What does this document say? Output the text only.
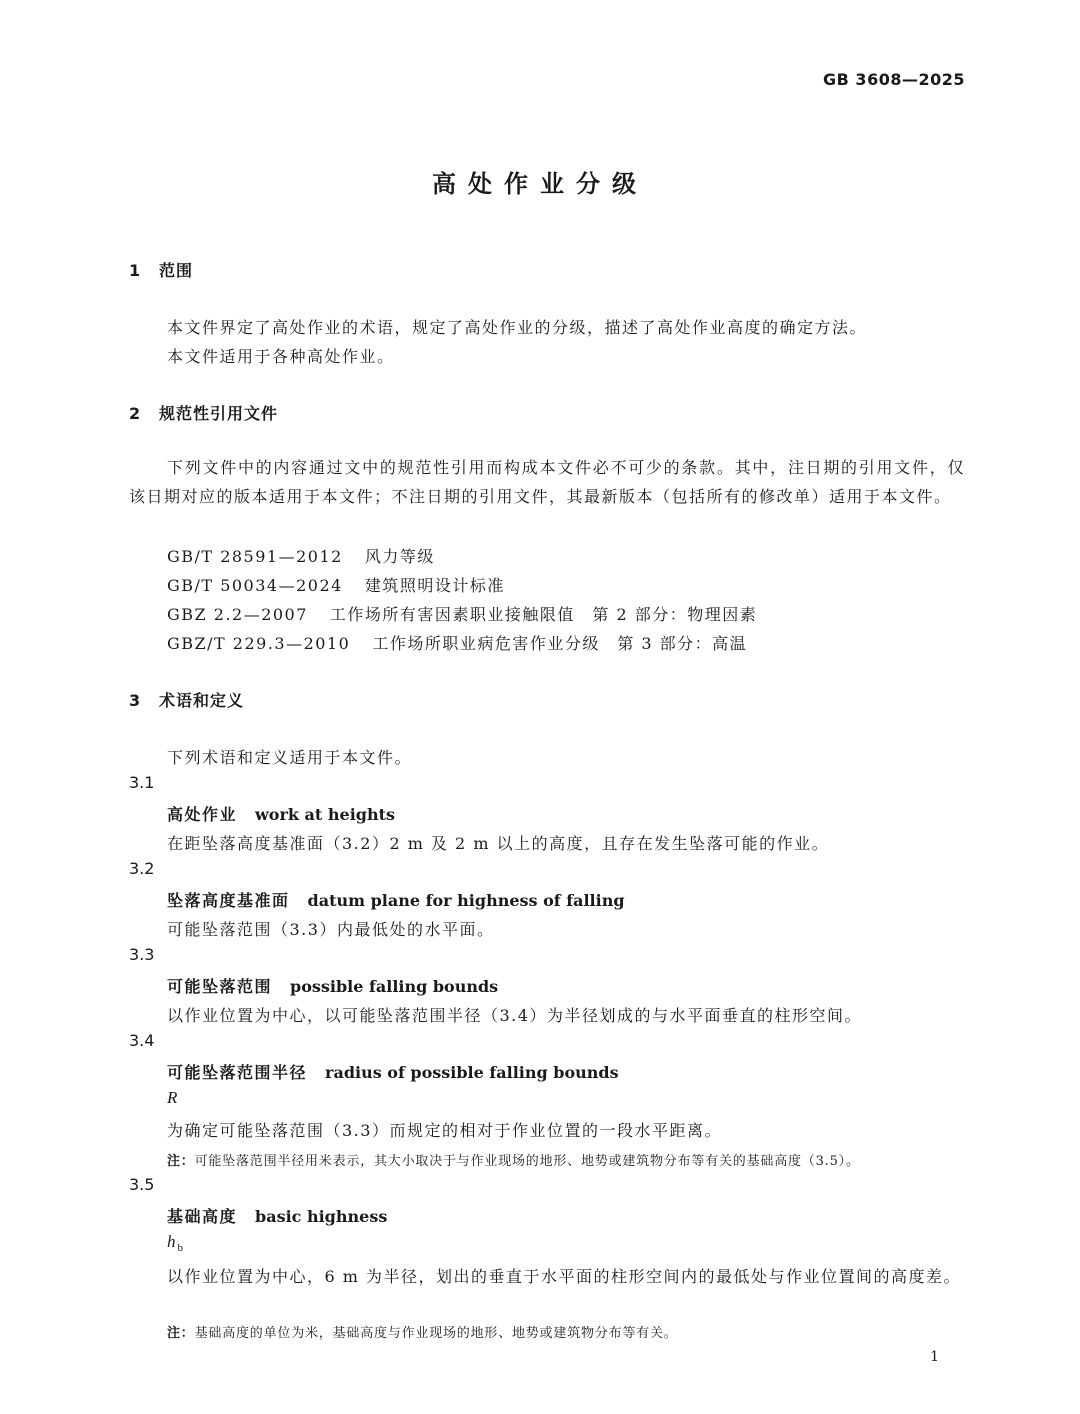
GB 3608—2025
高处作业分级
1 范围
本文件界定了高处作业的术语，规定了高处作业的分级，描述了高处作业高度的确定方法。
本文件适用于各种高处作业。
2 规范性引用文件
下列文件中的内容通过文中的规范性引用而构成本文件必不可少的条款。其中，注日期的引用文件，仅该日期对应的版本适用于本文件；不注日期的引用文件，其最新版本（包括所有的修改单）适用于本文件。
GB/T 28591—2012 风力等级
GB/T 50034—2024 建筑照明设计标准
GBZ 2.2—2007 工作场所有害因素职业接触限值　第 2 部分：物理因素
GBZ/T 229.3—2010 工作场所职业病危害作业分级　第 3 部分：高温
3 术语和定义
下列术语和定义适用于本文件。
3.1
高处作业 work at heights
在距坠落高度基准面（3.2）2 m 及 2 m 以上的高度，且存在发生坠落可能的作业。
3.2
坠落高度基准面 datum plane for highness of falling
可能坠落范围（3.3）内最低处的水平面。
3.3
可能坠落范围 possible falling bounds
以作业位置为中心，以可能坠落范围半径（3.4）为半径划成的与水平面垂直的柱形空间。
3.4
可能坠落范围半径 radius of possible falling bounds
R
为确定可能坠落范围（3.3）而规定的相对于作业位置的一段水平距离。
注：可能坠落范围半径用米表示，其大小取决于与作业现场的地形、地势或建筑物分布等有关的基础高度（3.5）。
3.5
基础高度 basic highness
h $_b$
以作业位置为中心，6 m 为半径，划出的垂直于水平面的柱形空间内的最低处与作业位置间的高度差。
注：基础高度的单位为米，基础高度与作业现场的地形、地势或建筑物分布等有关。
1
